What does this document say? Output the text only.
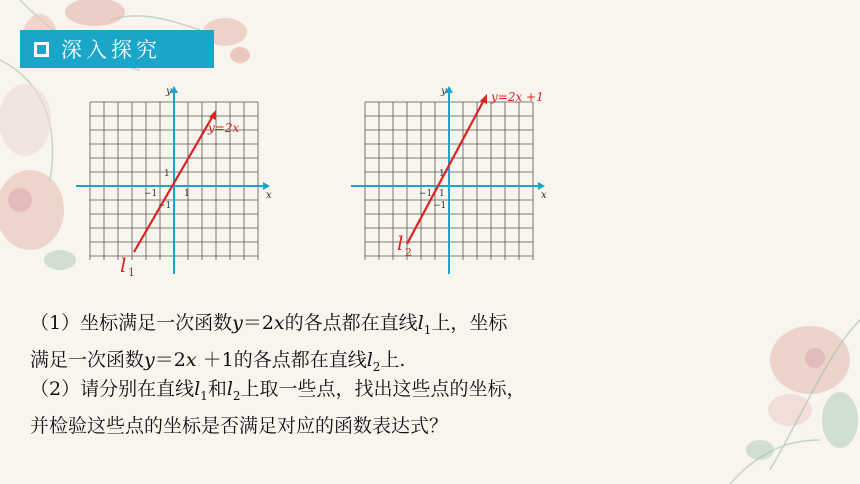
深入探究
y
x
y=2x
−1	1
1
−1
l 1
y
x
y=2x +1
−1 1
1
−1
l 2
（1）坐标满足一次函数y＝2x的各点都在直线$l_1$上，坐标
满足一次函数y＝2x ＋1的各点都在直线$l_2$上.
（2）请分别在直线$l_1$和$l_2$上取一些点，找出这些点的坐标，
并检验这些点的坐标是否满足对应的函数表达式？
